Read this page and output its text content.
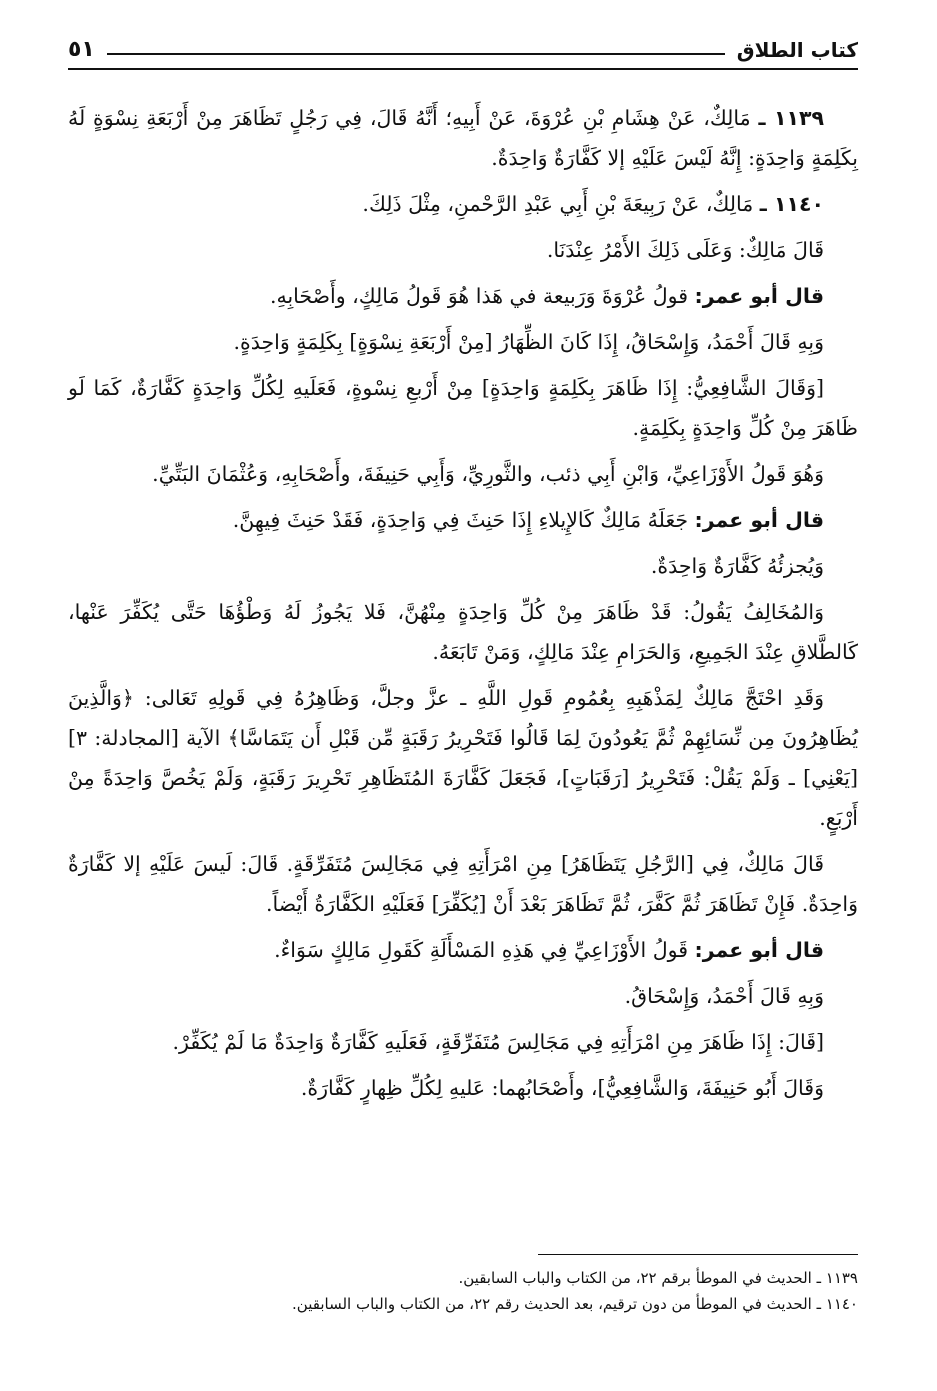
كتاب الطلاق
٥١

١١٣٩ ـ مَالِكٌ، عَنْ هِشَامِ بْنِ عُرْوَةَ، عَنْ أَبِيهِ؛ أَنَّهُ قَالَ، فِي رَجُلٍ تَظَاهَرَ مِنْ أَرْبَعَةِ نِسْوَةٍ لَهُ بِكَلِمَةٍ وَاحِدَةٍ: إِنَّهُ لَيْسَ عَلَيْهِ إلا كَفَّارَةٌ وَاحِدَةٌ.

١١٤٠ ـ مَالِكٌ، عَنْ رَبِيعَةَ بْنِ أَبِي عَبْدِ الرَّحْمنِ، مِثْلَ ذَلِكَ.

قَالَ مَالِكٌ: وَعَلَى ذَلِكَ الأَمْرُ عِنْدَنَا.

قال أبو عمر: قولُ عُرْوَةَ وَرَبيعة في هَذا هُوَ قَولُ مَالِكٍ، وأَصْحَابِهِ.

وَبِهِ قَالَ أَحْمَدُ، وَإِسْحَاقُ، إِذَا كَانَ الظِّهَارُ [مِنْ أَرْبَعَةِ نِسْوَةٍ] بِكَلِمَةٍ وَاحِدَةٍ.

[وَقَالَ الشَّافِعِيُّ: إِذَا ظَاهَرَ بِكَلِمَةٍ وَاحِدَةٍ] مِنْ أَرْبعِ نِسْوةٍ، فَعَلَيهِ لِكُلِّ وَاحِدَةٍ كَفَّارَةٌ، كَمَا لَو ظَاهَرَ مِنْ كُلِّ وَاحِدَةٍ بِكَلِمَةٍ.

وَهُوَ قَولُ الأَوْزَاعِيِّ، وَابْنِ أَبِي ذئب، والثَّورِيِّ، وَأَبِي حَنِيفَةَ، وأَصْحَابِهِ، وَعُثْمَانَ البَتِّيِّ.

قال أبو عمر: جَعَلَهُ مَالِكٌ كَالإِيلاءِ إِذَا حَنِثَ فِي وَاحِدَةٍ، فَقَدْ حَنِثَ فِيهِنَّ.

وَيُجزئُهُ كَفَّارَةٌ وَاحِدَةٌ.

وَالمُخَالِفُ يَقُولُ: قَدْ ظَاهَرَ مِنْ كُلِّ وَاحِدَةٍ مِنْهُنَّ، فَلا يَجُوزُ لَهُ وَطْؤُهَا حَتَّى يُكَفِّرَ عَنْها، كَالطَّلاقِ عِنْدَ الجَمِيعِ، وَالحَرَامِ عِنْدَ مَالِكٍ، وَمَنْ تَابَعَهُ.

وَقَدِ احْتَجَّ مَالِكٌ لِمَذْهَبِهِ بِعُمُومِ قَولِ اللَّهِ ـ عزَّ وجلَّ، وَظَاهِرُهُ فِي قَولِهِ تَعَالى: ﴿وَالَّذِينَ يُظَاهِرُونَ مِن نِّسَائِهِمْ ثُمَّ يَعُودُونَ لِمَا قَالُوا فَتَحْرِيرُ رَقَبَةٍ مِّن قَبْلِ أَن يَتَمَاسَّا﴾ الآية [المجادلة: ٣] [يَعْنِي] ـ وَلَمْ يَقُلْ: فَتَحْرِيرُ [رَقَبَاتٍ]، فَجَعَلَ كَفَّارَةَ المُتَظَاهِرِ تَحْرِيرَ رَقَبَةٍ، وَلَمْ يَخُصَّ وَاحِدَةً مِنْ أَرْبَعٍ.

قَالَ مَالِكٌ، فِي [الرَّجُلِ يَتَظَاهَرُ] مِنِ امْرَأَتِهِ فِي مَجَالِسَ مُتَفَرِّقَةٍ. قَالَ: لَيسَ عَلَيْهِ إلا كَفَّارَةٌ وَاحِدَةٌ. فَإِنْ تَظَاهَرَ ثُمَّ كَفَّرَ، ثُمَّ تَظَاهَرَ بَعْدَ أَنْ [يُكَفِّرَ] فَعَلَيْهِ الكَفَّارَةُ أَيْضاً.

قال أبو عمر: قَولُ الأَوْزَاعِيِّ فِي هَذِهِ المَسْأَلَةِ كَقَولِ مَالِكٍ سَوَاءٌ.

وَبِهِ قَالَ أَحْمَدُ، وَإِسْحَاقُ.

[قَالَ: إِذَا ظَاهَرَ مِنِ امْرَأَتِهِ فِي مَجَالِسَ مُتَفَرِّقَةٍ، فَعَلَيهِ كَفَّارَةٌ وَاحِدَةٌ مَا لَمْ يُكَفِّرْ.

وَقَالَ أَبُو حَنِيفَةَ، وَالشَّافِعِيُّ]، وأَصْحَابُهما: عَليهِ لِكُلِّ ظِهارٍ كَفَّارَةٌ.

١١٣٩ ـ الحديث في الموطأ برقم ٢٢، من الكتاب والباب السابقين.

١١٤٠ ـ الحديث في الموطأ من دون ترقيم، بعد الحديث رقم ٢٢، من الكتاب والباب السابقين.
